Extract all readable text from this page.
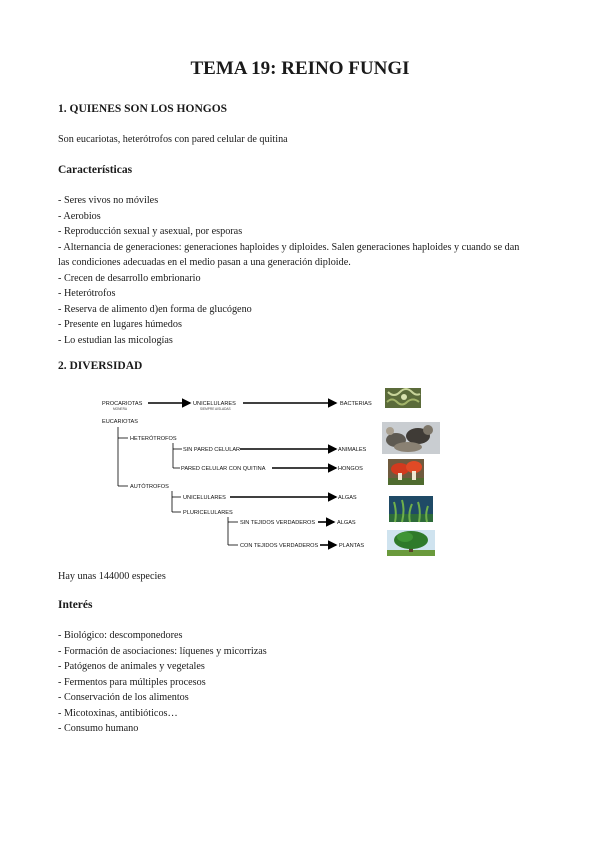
TEMA 19: REINO FUNGI
1. QUIENES SON LOS HONGOS
Son eucariotas, heterótrofos con pared celular de quitina
Características
- Seres vivos no móviles
- Aerobios
- Reproducción sexual y asexual, por esporas
- Alternancia de generaciones: generaciones haploides y diploides. Salen generaciones haploides y cuando se dan las condiciones adecuadas en el medio pasan a una generación diploide.
- Crecen de desarrollo embrionario
- Heterótrofos
- Reserva de alimento d)en forma de glucógeno
- Presente en lugares húmedos
- Lo estudian las micologías
2. DIVERSIDAD
PROCARIOTAS
MONERA
UNICELULARES
SIEMPRE AISLADAS
BACTERIAS
EUCARIOTAS
HETERÓTROFOS
SIN PARED CELULAR	ANIMALES
PARED CELULAR CON QUITINA	HONGOS
AUTÓTROFOS
UNICELULARES	ALGAS
PLURICELULARES
SIN TEJIDOS VERDADEROS	ALGAS
CON TEJIDOS VERDADEROS	PLANTAS
Hay unas 144000 especies
Interés
- Biológico: descomponedores
- Formación de asociaciones: líquenes y micorrizas
- Patógenos de animales y vegetales
- Fermentos para múltiples procesos
- Conservación de los alimentos
- Micotoxinas, antibióticos…
- Consumo humano
